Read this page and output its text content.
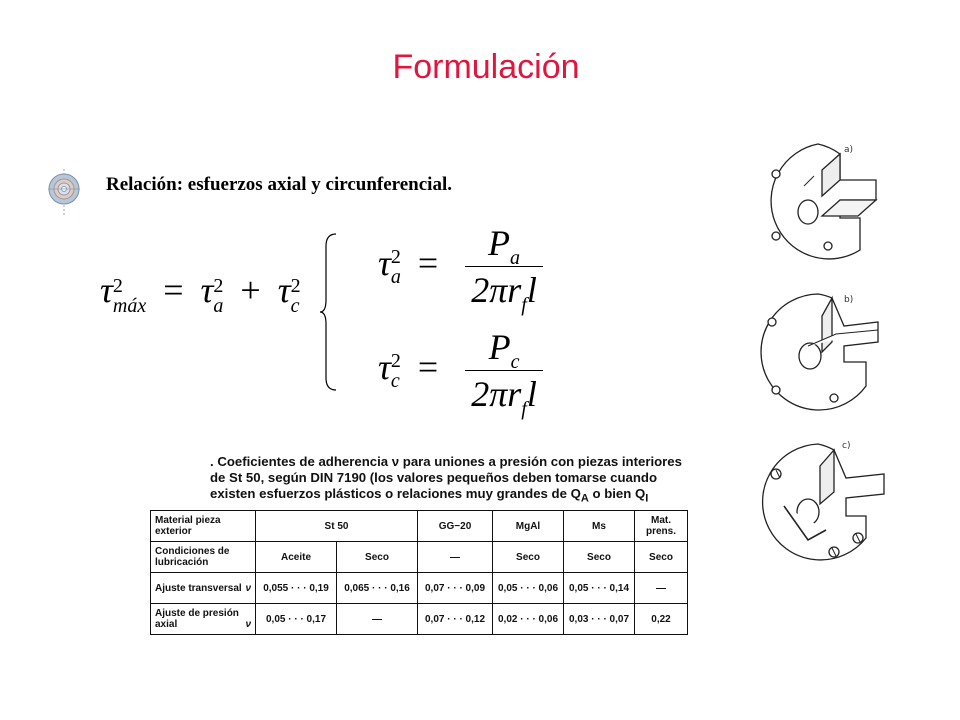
Formulación
Relación: esfuerzos axial y circunferencial.
τ 2
máx = τ 2
a + τ 2
c
τ 2
$a = \frac{P_a}{2\pi r_fl}$
τ 2
$c = \frac{P_c}{2\pi r_fl}$
. Coeficientes de adherencia ν para uniones a presión con piezas interiores de St 50, según DIN 7190 (los valores pequeños deben tomarse cuando existen esfuerzos plásticos o relaciones muy grandes de $Q_A$ o bien $Q_I$
Material pieza exterior	St 50		GG−20	MgAl	Ms	Mat. prens.
Condiciones de lubricación	Aceite	Seco	—	Seco	Seco	Seco
Ajuste transversal ν	0,055 · · · 0,19	0,065 · · · 0,16	0,07 · · · 0,09	0,05 · · · 0,06	0,05 · · · 0,14	—
Ajuste de presión axial ν	0,05 · · · 0,17	—	0,07 · · · 0,12	0,02 · · · 0,06	0,03 · · · 0,07	0,22
a)
b)
c)
